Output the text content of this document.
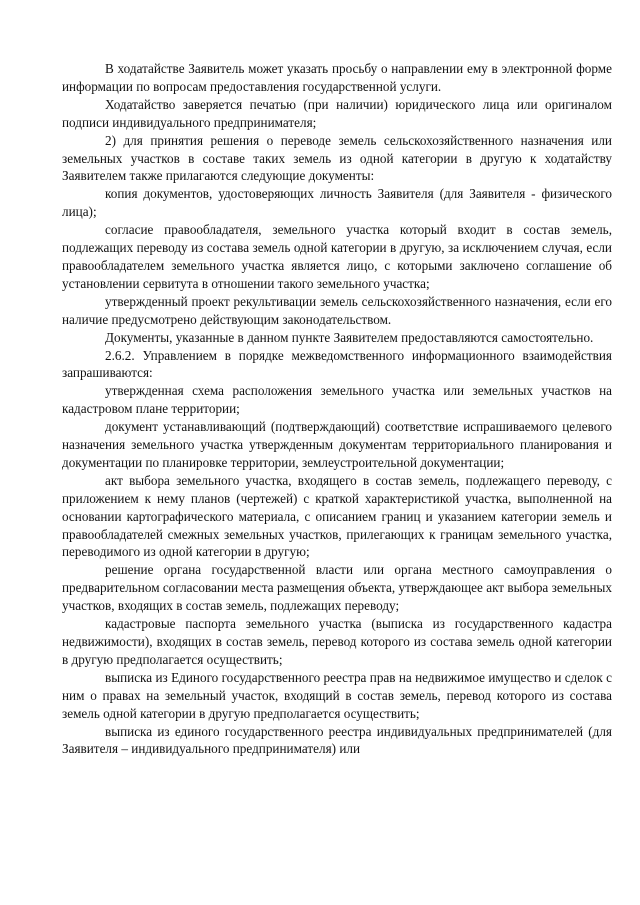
В ходатайстве Заявитель может указать просьбу о направлении ему в электронной форме информации по вопросам предоставления государственной услуги.

Ходатайство заверяется печатью (при наличии) юридического лица или оригиналом подписи индивидуального предпринимателя;

2) для принятия решения о переводе земель сельскохозяйственного назначения или земельных участков в составе таких земель из одной категории в другую к ходатайству Заявителем также прилагаются следующие документы:

копия документов, удостоверяющих личность Заявителя (для Заявителя - физического лица);

согласие правообладателя, земельного участка который входит в состав земель, подлежащих переводу из состава земель одной категории в другую, за исключением случая, если правообладателем земельного участка является лицо, с которыми заключено соглашение об установлении сервитута в отношении такого земельного участка;

утвержденный проект рекультивации земель сельскохозяйственного назначения, если его наличие предусмотрено действующим законодательством.

Документы, указанные в данном пункте Заявителем предоставляются самостоятельно.

2.6.2. Управлением в порядке межведомственного информационного взаимодействия запрашиваются:

утвержденная схема расположения земельного участка или земельных участков на кадастровом плане территории;

документ устанавливающий (подтверждающий) соответствие испрашиваемого целевого назначения земельного участка утвержденным документам территориального планирования и документации по планировке территории, землеустроительной документации;

акт выбора земельного участка, входящего в состав земель, подлежащего переводу, с приложением к нему планов (чертежей) с краткой характеристикой участка, выполненной на основании картографического материала, с описанием границ и указанием категории земель и правообладателей смежных земельных участков, прилегающих к границам земельного участка, переводимого из одной категории в другую;

решение органа государственной власти или органа местного самоуправления о предварительном согласовании места размещения объекта, утверждающее акт выбора земельных участков, входящих в состав земель, подлежащих переводу;

кадастровые паспорта земельного участка (выписка из государственного кадастра недвижимости), входящих в состав земель, перевод которого из состава земель одной категории в другую предполагается осуществить;

выписка из Единого государственного реестра прав на недвижимое имущество и сделок с ним о правах на земельный участок, входящий в состав земель, перевод которого из состава земель одной категории в другую предполагается осуществить;

выписка из единого государственного реестра индивидуальных предпринимателей (для Заявителя – индивидуального предпринимателя) или
